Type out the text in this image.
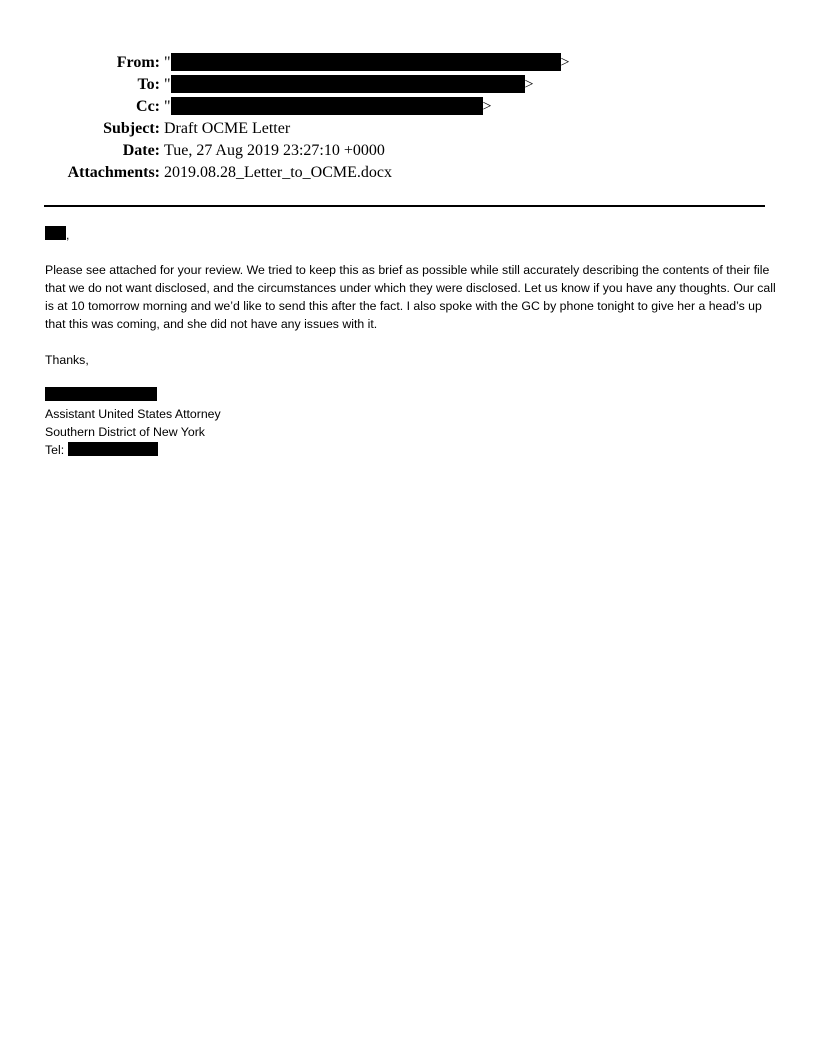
From: "	>
To: "	>
Cc: "	>
Subject: Draft OCME Letter
Date: Tue, 27 Aug 2019 23:27:10 +0000
Attachments: 2019.08.28_Letter_to_OCME.docx
,
Please see attached for your review. We tried to keep this as brief as possible while still accurately describing the contents of their file that we do not want disclosed, and the circumstances under which they were disclosed. Let us know if you have any thoughts. Our call is at 10 tomorrow morning and we’d like to send this after the fact. I also spoke with the GC by phone tonight to give her a head’s up that this was coming, and she did not have any issues with it.
Thanks,
Assistant United States Attorney
Southern District of New York
Tel:
